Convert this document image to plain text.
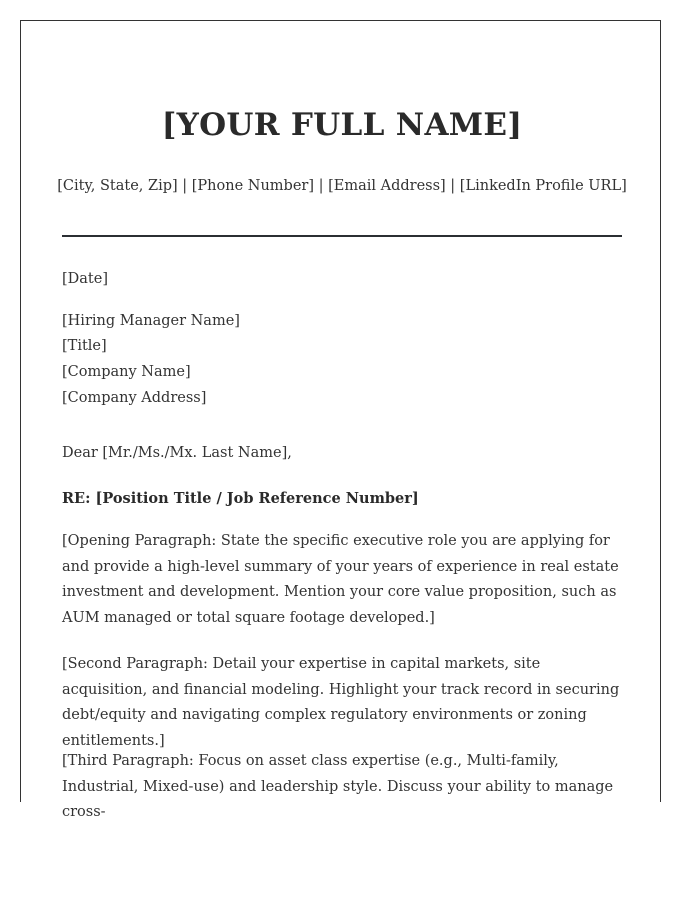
[YOUR FULL NAME]
[City, State, Zip] | [Phone Number] | [Email Address] | [LinkedIn Profile URL]
[Date]
[Hiring Manager Name]
[Title]
[Company Name]
[Company Address]
Dear [Mr./Ms./Mx. Last Name],
RE: [Position Title / Job Reference Number]
[Opening Paragraph: State the specific executive role you are applying for and provide a high-level summary of your years of experience in real estate investment and development. Mention your core value proposition, such as AUM managed or total square footage developed.]
[Second Paragraph: Detail your expertise in capital markets, site acquisition, and financial modeling. Highlight your track record in securing debt/equity and navigating complex regulatory environments or zoning entitlements.]
[Third Paragraph: Focus on asset class expertise (e.g., Multi-family, Industrial, Mixed-use) and leadership style. Discuss your ability to manage cross-
